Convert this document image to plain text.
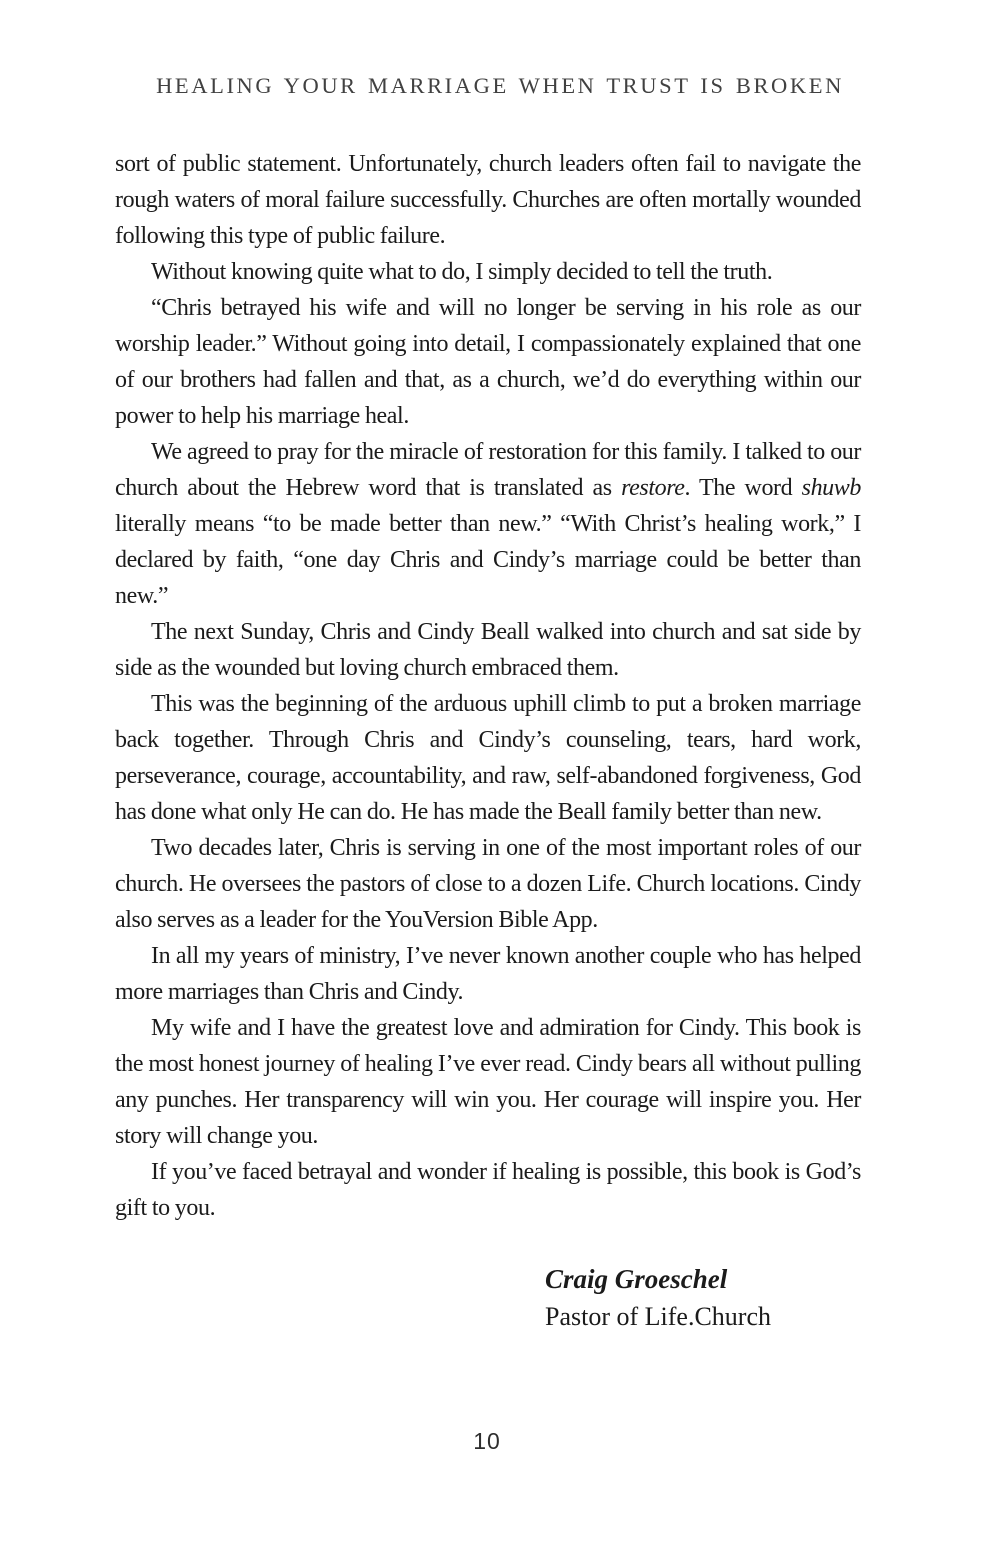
HEALING YOUR MARRIAGE WHEN TRUST IS BROKEN

sort of public statement. Unfortunately, church leaders often fail to navigate the rough waters of moral failure successfully. Churches are often mortally wounded following this type of public failure.

Without knowing quite what to do, I simply decided to tell the truth.

“Chris betrayed his wife and will no longer be serving in his role as our worship leader.” Without going into detail, I compassionately explained that one of our brothers had fallen and that, as a church, we’d do everything within our power to help his marriage heal.

We agreed to pray for the miracle of restoration for this family. I talked to our church about the Hebrew word that is translated as restore. The word shuwb literally means “to be made better than new.” “With Christ’s healing work,” I declared by faith, “one day Chris and Cindy’s marriage could be better than new.”

The next Sunday, Chris and Cindy Beall walked into church and sat side by side as the wounded but loving church embraced them.

This was the beginning of the arduous uphill climb to put a broken marriage back together. Through Chris and Cindy’s counseling, tears, hard work, perseverance, courage, accountability, and raw, self-abandoned forgiveness, God has done what only He can do. He has made the Beall family better than new.

Two decades later, Chris is serving in one of the most important roles of our church. He oversees the pastors of close to a dozen Life. Church locations. Cindy also serves as a leader for the YouVersion Bible App.

In all my years of ministry, I’ve never known another couple who has helped more marriages than Chris and Cindy.

My wife and I have the greatest love and admiration for Cindy. This book is the most honest journey of healing I’ve ever read. Cindy bears all without pulling any punches. Her transparency will win you. Her courage will inspire you. Her story will change you.

If you’ve faced betrayal and wonder if healing is possible, this book is God’s gift to you.

Craig Groeschel
Pastor of Life.Church
10
